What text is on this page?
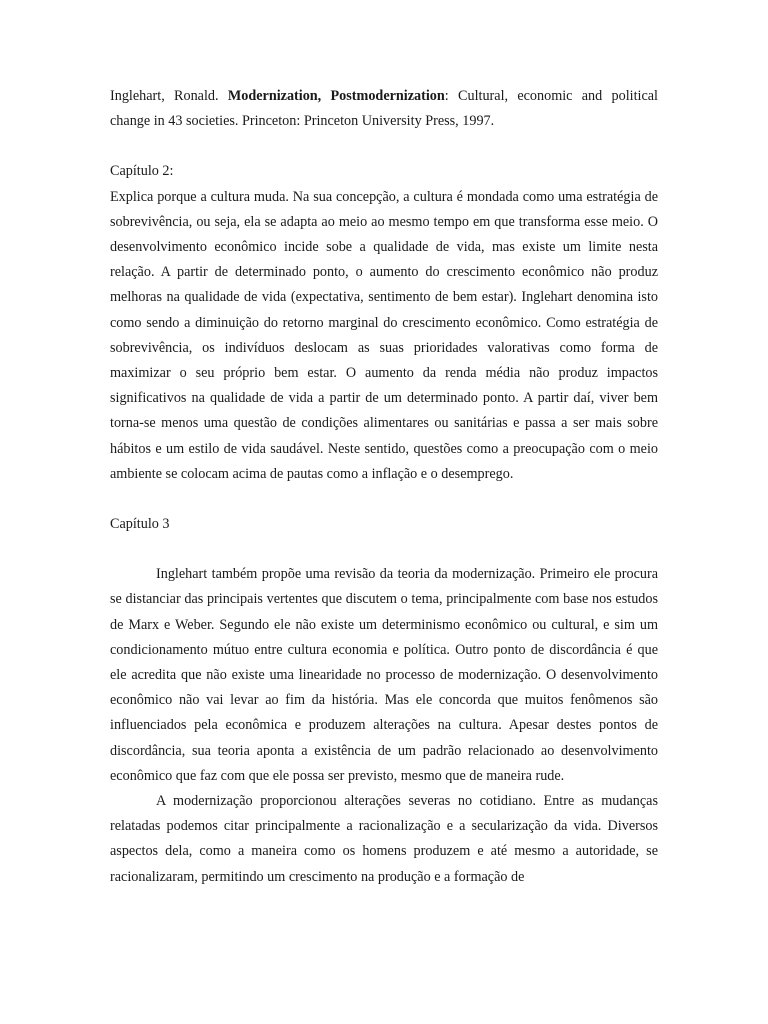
Inglehart, Ronald. Modernization, Postmodernization: Cultural, economic and political change in 43 societies. Princeton: Princeton University Press, 1997.

Capítulo 2:

Explica porque a cultura muda. Na sua concepção, a cultura é mondada como uma estratégia de sobrevivência, ou seja, ela se adapta ao meio ao mesmo tempo em que transforma esse meio. O desenvolvimento econômico incide sobe a qualidade de vida, mas existe um limite nesta relação. A partir de determinado ponto, o aumento do crescimento econômico não produz melhoras na qualidade de vida (expectativa, sentimento de bem estar). Inglehart denomina isto como sendo a diminuição do retorno marginal do crescimento econômico. Como estratégia de sobrevivência, os indivíduos deslocam as suas prioridades valorativas como forma de maximizar o seu próprio bem estar. O aumento da renda média não produz impactos significativos na qualidade de vida a partir de um determinado ponto. A partir daí, viver bem torna-se menos uma questão de condições alimentares ou sanitárias e passa a ser mais sobre hábitos e um estilo de vida saudável. Neste sentido, questões como a preocupação com o meio ambiente se colocam acima de pautas como a inflação e o desemprego.

Capítulo 3

Inglehart também propõe uma revisão da teoria da modernização. Primeiro ele procura se distanciar das principais vertentes que discutem o tema, principalmente com base nos estudos de Marx e Weber. Segundo ele não existe um determinismo econômico ou cultural, e sim um condicionamento mútuo entre cultura economia e política. Outro ponto de discordância é que ele acredita que não existe uma linearidade no processo de modernização. O desenvolvimento econômico não vai levar ao fim da história. Mas ele concorda que muitos fenômenos são influenciados pela econômica e produzem alterações na cultura. Apesar destes pontos de discordância, sua teoria aponta a existência de um padrão relacionado ao desenvolvimento econômico que faz com que ele possa ser previsto, mesmo que de maneira rude.

A modernização proporcionou alterações severas no cotidiano. Entre as mudanças relatadas podemos citar principalmente a racionalização e a secularização da vida. Diversos aspectos dela, como a maneira como os homens produzem e até mesmo a autoridade, se racionalizaram, permitindo um crescimento na produção e a formação de
